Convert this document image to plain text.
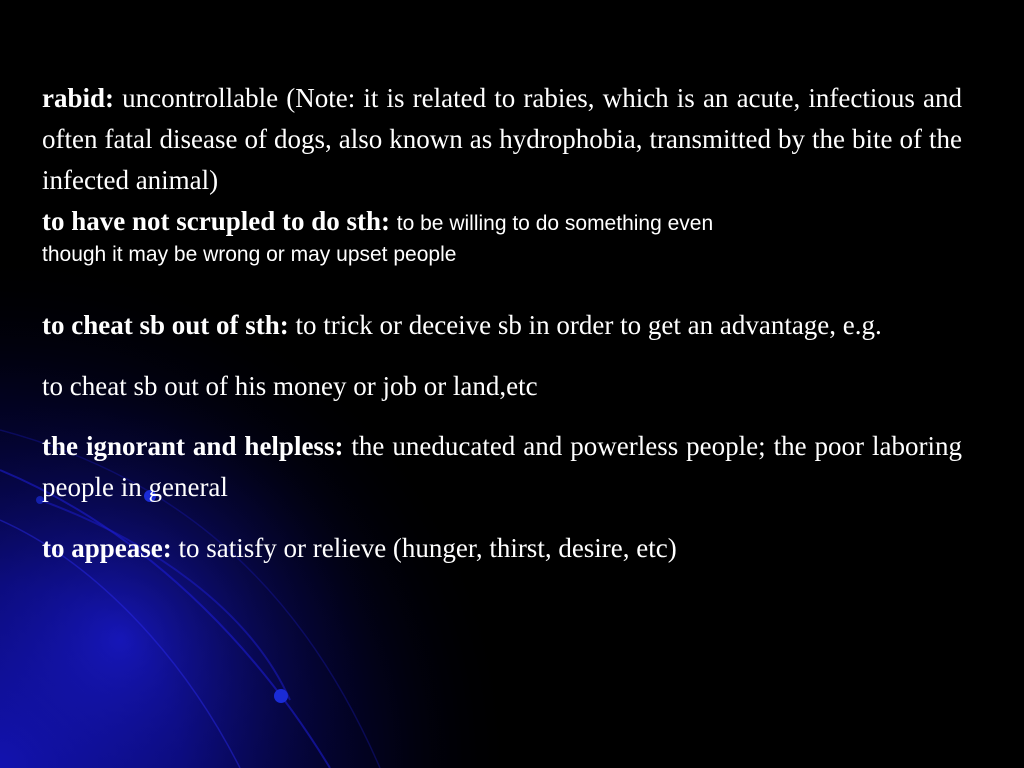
rabid: uncontrollable (Note: it is related to rabies, which is an acute, infectious and often fatal disease of dogs, also known as hydrophobia, transmitted by the bite of the infected animal)

to have not scrupled to do sth: to be willing to do something even

though it may be wrong or may upset people

to cheat sb out of sth: to trick or deceive sb in order to get an advantage, e.g.

to cheat sb out of his money or job or land,etc

the ignorant and helpless: the uneducated and powerless people; the poor laboring people in general

to appease: to satisfy or relieve (hunger, thirst, desire, etc)
